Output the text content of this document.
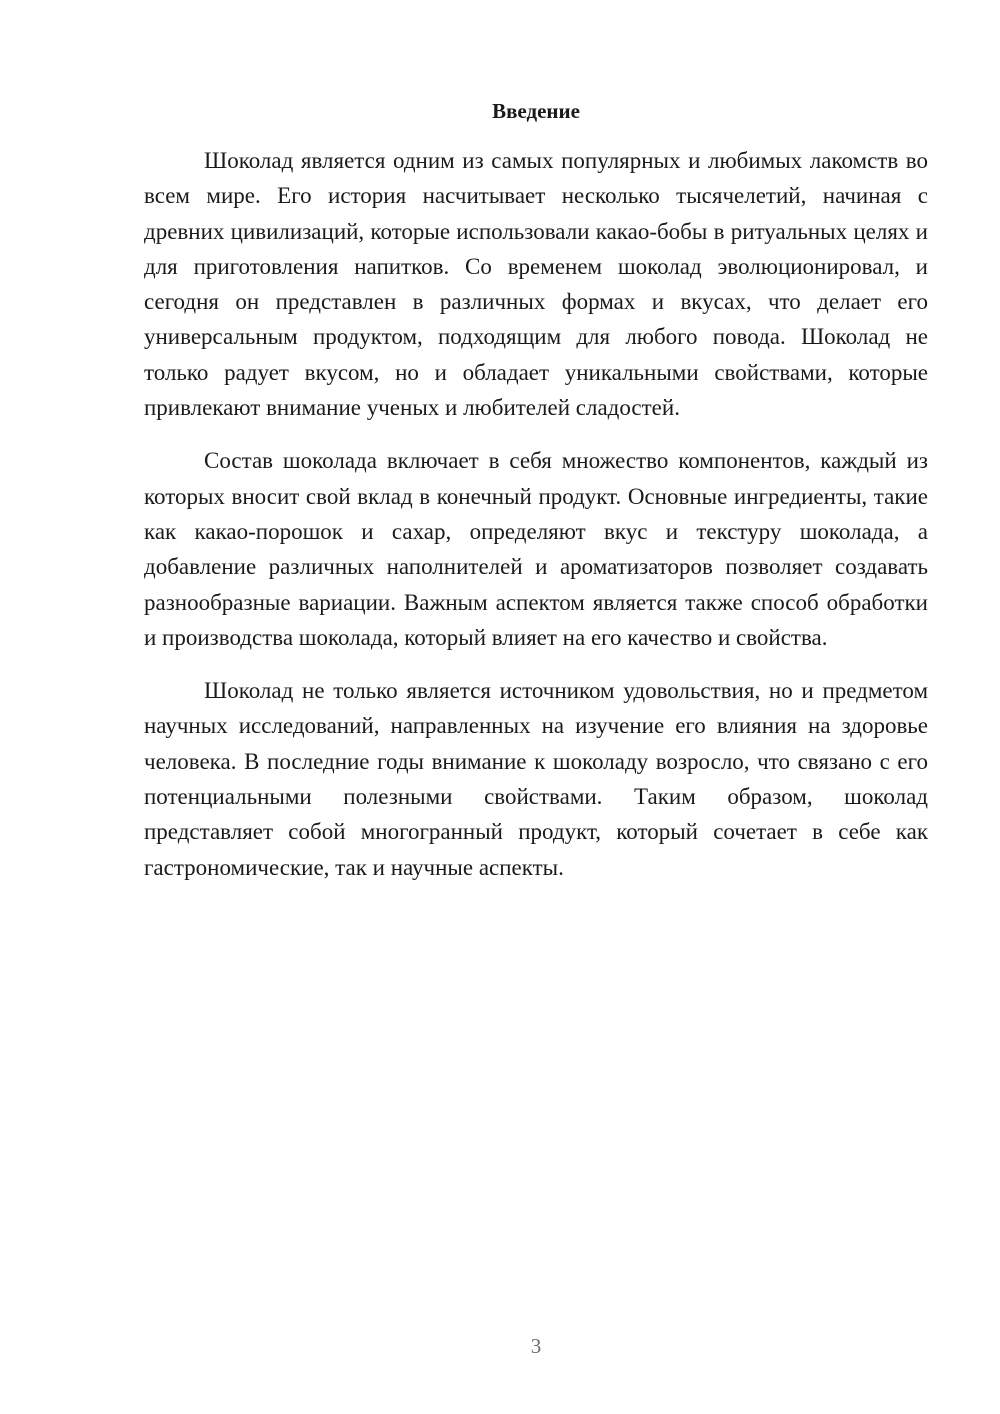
Введение

Шоколад является одним из самых популярных и любимых лакомств во всем мире. Его история насчитывает несколько тысячелетий, начиная с древних цивилизаций, которые использовали какао-бобы в ритуальных целях и для приготовления напитков. Со временем шоколад эволюционировал, и сегодня он представлен в различных формах и вкусах, что делает его универсальным продуктом, подходящим для любого повода. Шоколад не только радует вкусом, но и обладает уникальными свойствами, которые привлекают внимание ученых и любителей сладостей.

Состав шоколада включает в себя множество компонентов, каждый из которых вносит свой вклад в конечный продукт. Основные ингредиенты, такие как какао-порошок и сахар, определяют вкус и текстуру шоколада, а добавление различных наполнителей и ароматизаторов позволяет создавать разнообразные вариации. Важным аспектом является также способ обработки и производства шоколада, который влияет на его качество и свойства.

Шоколад не только является источником удовольствия, но и предметом научных исследований, направленных на изучение его влияния на здоровье человека. В последние годы внимание к шоколаду возросло, что связано с его потенциальными полезными свойствами. Таким образом, шоколад представляет собой многогранный продукт, который сочетает в себе как гастрономические, так и научные аспекты.

3
